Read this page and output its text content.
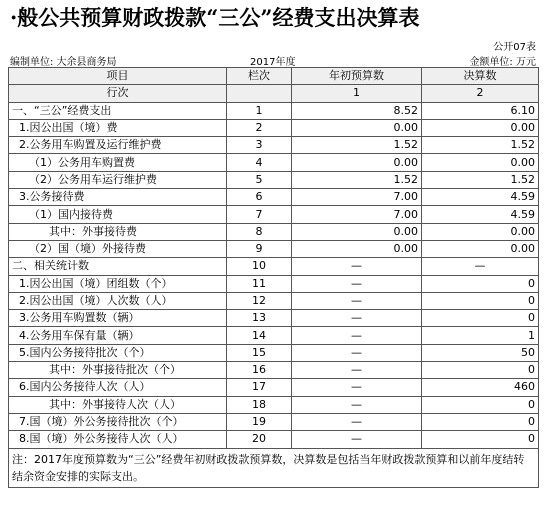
·般公共预算财政拨款“三公”经费支出决算表
公开07表
编制单位: 大余县商务局	2017年度	金额单位: 万元
项目	栏次	年初预算数	决算数
行次		1	2
一、“三公”经费支出	1	8.52	6.10
1.因公出国（境）费	2	0.00	0.00
2.公务用车购置及运行维护费	3	1.52	1.52
（1）公务用车购置费	4	0.00	0.00
（2）公务用车运行维护费	5	1.52	1.52
3.公务接待费	6	7.00	4.59
（1）国内接待费	7	7.00	4.59
其中：外事接待费	8	0.00	0.00
（2）国（境）外接待费	9	0.00	0.00
二、相关统计数	10	—	—
1.因公出国（境）团组数（个）	11	—	0
2.因公出国（境）人次数（人）	12	—	0
3.公务用车购置数（辆）	13	—	0
4.公务用车保有量（辆）	14	—	1
5.国内公务接待批次（个）	15	—	50
其中：外事接待批次（个）	16	—	0
6.国内公务接待人次（人）	17	—	460
其中：外事接待人次（人）	18	—	0
7.国（境）外公务接待批次（个）	19	—	0
8.国（境）外公务接待人次（人）	20	—	0
注：2017年度预算数为“三公”经费年初财政拨款预算数，决算数是包括当年财政拨款预算和以前年度结转结余资金安排的实际支出。			
